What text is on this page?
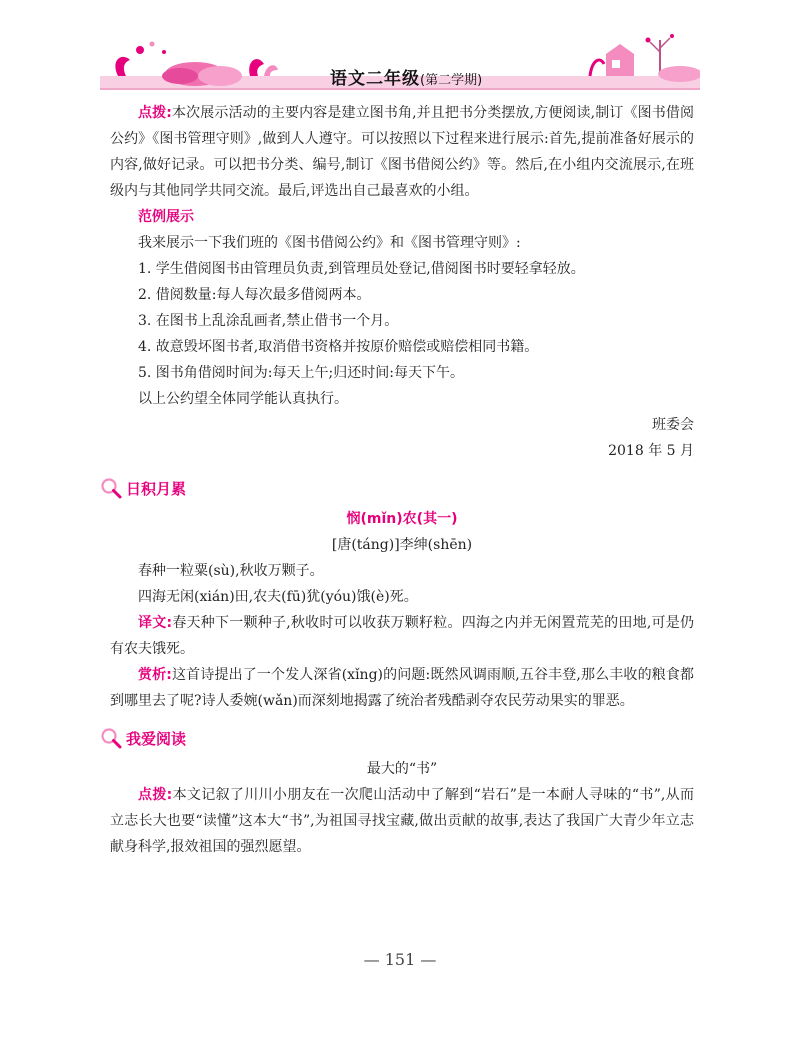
语文二年级(第二学期)

点拨:本次展示活动的主要内容是建立图书角,并且把书分类摆放,方便阅读,制订《图书借阅公约》《图书管理守则》,做到人人遵守。可以按照以下过程来进行展示:首先,提前准备好展示的内容,做好记录。可以把书分类、编号,制订《图书借阅公约》等。然后,在小组内交流展示,在班级内与其他同学共同交流。最后,评选出自己最喜欢的小组。

范例展示

我来展示一下我们班的《图书借阅公约》和《图书管理守则》:

1. 学生借阅图书由管理员负责,到管理员处登记,借阅图书时要轻拿轻放。

2. 借阅数量:每人每次最多借阅两本。

3. 在图书上乱涂乱画者,禁止借书一个月。

4. 故意毁坏图书者,取消借书资格并按原价赔偿或赔偿相同书籍。

5. 图书角借阅时间为:每天上午;归还时间:每天下午。

以上公约望全体同学能认真执行。

班委会

2018 年 5 月

日积月累

悯(mǐn)农(其一)

[唐(táng)]李绅(shēn)

春种一粒粟(sù),秋收万颗子。

四海无闲(xián)田,农夫(fū)犹(yóu)饿(è)死。

译文:春天种下一颗种子,秋收时可以收获万颗籽粒。四海之内并无闲置荒芜的田地,可是仍有农夫饿死。

赏析:这首诗提出了一个发人深省(xǐng)的问题:既然风调雨顺,五谷丰登,那么丰收的粮食都到哪里去了呢?诗人委婉(wǎn)而深刻地揭露了统治者残酷剥夺农民劳动果实的罪恶。

我爱阅读

最大的“书”

点拨:本文记叙了川川小朋友在一次爬山活动中了解到“岩石”是一本耐人寻味的“书”,从而立志长大也要“读懂”这本大“书”,为祖国寻找宝藏,做出贡献的故事,表达了我国广大青少年立志献身科学,报效祖国的强烈愿望。

— 151 —
